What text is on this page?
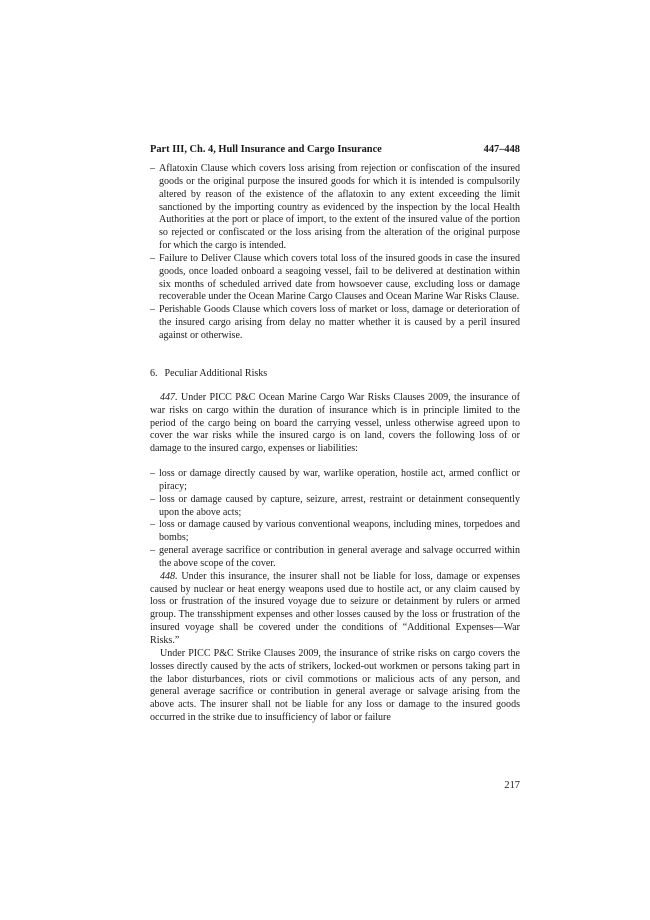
Part III, Ch. 4, Hull Insurance and Cargo Insurance	447–448
– Aflatoxin Clause which covers loss arising from rejection or confiscation of the insured goods or the original purpose the insured goods for which it is intended is compulsorily altered by reason of the existence of the aflatoxin to any extent exceeding the limit sanctioned by the importing country as evidenced by the inspection by the local Health Authorities at the port or place of import, to the extent of the insured value of the portion so rejected or confiscated or the loss arising from the alteration of the original purpose for which the cargo is intended.
– Failure to Deliver Clause which covers total loss of the insured goods in case the insured goods, once loaded onboard a seagoing vessel, fail to be delivered at destination within six months of scheduled arrived date from howsoever cause, excluding loss or damage recoverable under the Ocean Marine Cargo Clauses and Ocean Marine War Risks Clause.
– Perishable Goods Clause which covers loss of market or loss, damage or deterioration of the insured cargo arising from delay no matter whether it is caused by a peril insured against or otherwise.
6. Peculiar Additional Risks

447. Under PICC P&C Ocean Marine Cargo War Risks Clauses 2009, the insurance of war risks on cargo within the duration of insurance which is in principle limited to the period of the cargo being on board the carrying vessel, unless otherwise agreed upon to cover the war risks while the insured cargo is on land, covers the following loss of or damage to the insured cargo, expenses or liabilities:

– loss or damage directly caused by war, warlike operation, hostile act, armed conflict or piracy;
– loss or damage caused by capture, seizure, arrest, restraint or detainment consequently upon the above acts;
– loss or damage caused by various conventional weapons, including mines, torpedoes and bombs;
– general average sacrifice or contribution in general average and salvage occurred within the above scope of the cover.

448. Under this insurance, the insurer shall not be liable for loss, damage or expenses caused by nuclear or heat energy weapons used due to hostile act, or any claim caused by loss or frustration of the insured voyage due to seizure or detainment by rulers or armed group. The transshipment expenses and other losses caused by the loss or frustration of the insured voyage shall be covered under the conditions of “Additional Expenses—War Risks.”

Under PICC P&C Strike Clauses 2009, the insurance of strike risks on cargo covers the losses directly caused by the acts of strikers, locked-out workmen or persons taking part in the labor disturbances, riots or civil commotions or malicious acts of any person, and general average sacrifice or contribution in general average or salvage arising from the above acts. The insurer shall not be liable for any loss or damage to the insured goods occurred in the strike due to insufficiency of labor or failure

217
